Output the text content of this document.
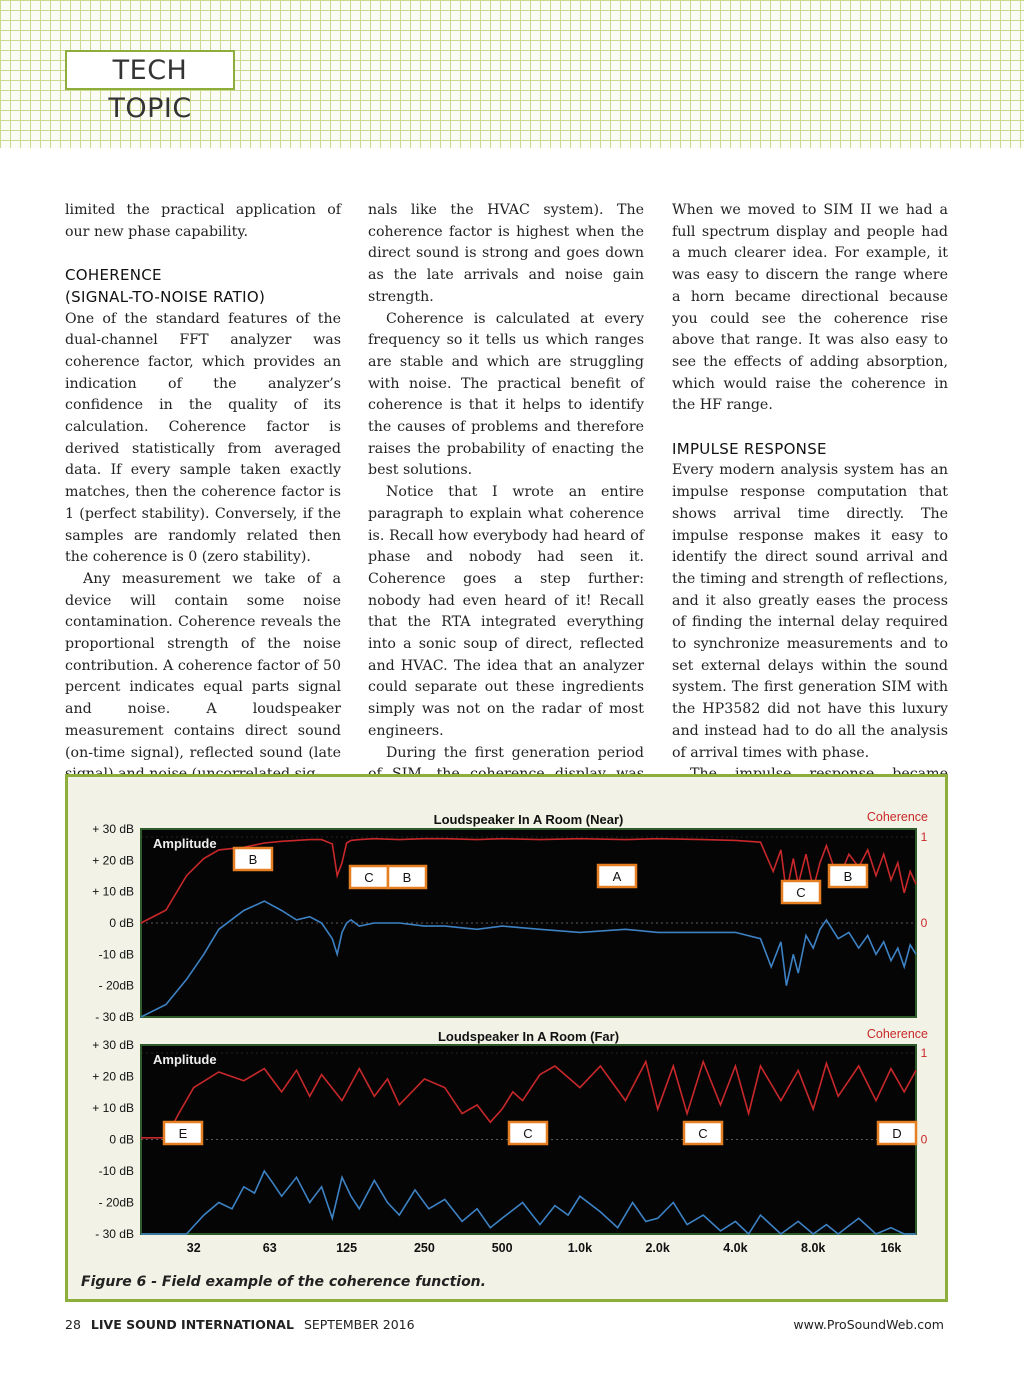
TECH TOPIC

limited the practical application of our new phase capability.

COHERENCE
(SIGNAL-TO-NOISE RATIO)

One of the standard features of the dual-channel FFT analyzer was coherence factor, which provides an indication of the analyzer’s confidence in the quality of its calculation. Coherence factor is derived statistically from averaged data. If every sample taken exactly matches, then the coherence factor is 1 (perfect stability). Conversely, if the samples are randomly related then the coherence is 0 (zero stability).

Any measurement we take of a device will contain some noise contamination. Coherence reveals the proportional strength of the noise contribution. A coherence factor of 50 percent indicates equal parts signal and noise. A loudspeaker measurement contains direct sound (on-time signal), reflected sound (late

nals like the HVAC system). The coherence factor is highest when the direct sound is strong and goes down as the late arrivals and noise gain strength.

Coherence is calculated at every frequency so it tells us which ranges are stable and which are struggling with noise. The practical benefit of coherence is that it helps to identify the causes of problems and therefore raises the probability of enacting the best solutions.

Notice that I wrote an entire paragraph to explain what coherence is. Recall how everybody had heard of phase and nobody had seen it. Coherence goes a step further: nobody had even heard of it! Recall that the RTA integrated everything into a sonic soup of direct, reflected and HVAC. The idea that an analyzer could separate out these ingredients simply was not on the radar of most engineers.

During the first generation period

When we moved to SIM II we had a full spectrum display and people had a much clearer idea. For example, it was easy to discern the range where a horn became directional because you could see the coherence rise above that range. It was also easy to see the effects of adding absorption, which would raise the coherence in the HF range.

IMPULSE RESPONSE

Every modern analysis system has an impulse response computation that shows arrival time directly. The impulse response makes it easy to identify the direct sound arrival and the timing and strength of reflections, and it also greatly eases the process of finding the internal delay required to synchronize measurements and to set external delays within the sound system. The first generation SIM with the HP3582 did not have this luxury and instead had to do all the analysis of arrival times with phase.

Loudspeaker In A Room (Near)	Coherence
+ 30 dB
+ 20 dB
+ 10 dB
0 dB
-10 dB
- 20dB
- 30 dB
1
0
Amplitude
B
C B	A
C
B
Loudspeaker In A Room (Far)	Coherence
+ 30 dB
+ 20 dB
+ 10 dB
0 dB
-10 dB
- 20dB
- 30 dB
1
0
Amplitude
E	C	C	D
32	63	125	250	500	1.0k	2.0k	4.0k	8.0k	16k
Figure 6 - Field example of the coherence function.
28 LIVE SOUND INTERNATIONAL SEPTEMBER 2016	www.ProSoundWeb.com
